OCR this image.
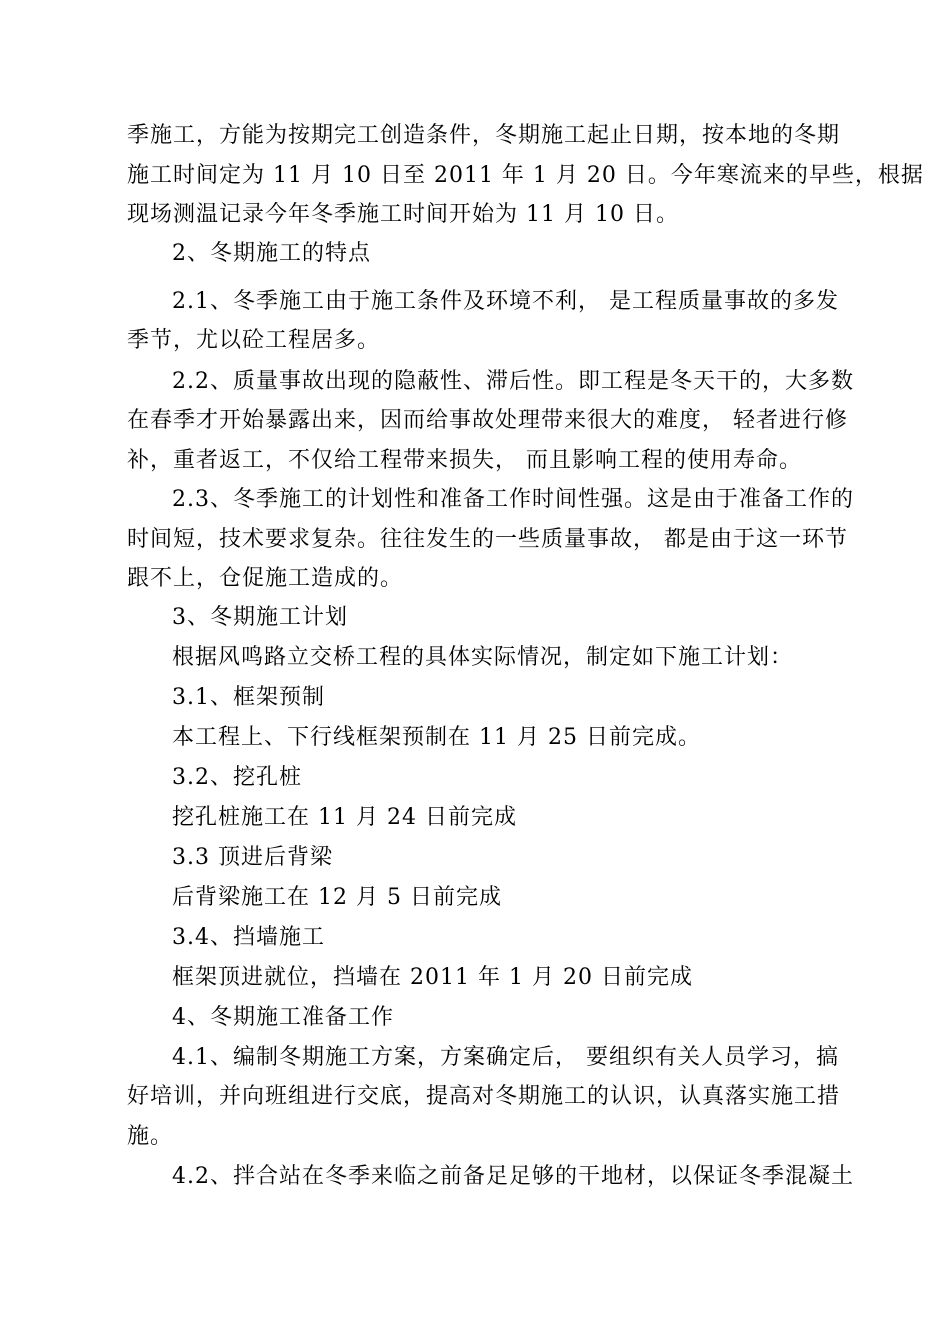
季施工，方能为按期完工创造条件，冬期施工起止日期，按本地的冬期
施工时间定为 11 月 10 日至 2011 年 1 月 20 日。今年寒流来的早些，根据
现场测温记录今年冬季施工时间开始为 11 月 10 日。
2、冬期施工的特点
2.1、冬季施工由于施工条件及环境不利， 是工程质量事故的多发
季节，尤以砼工程居多。
2.2、质量事故出现的隐蔽性、滞后性。即工程是冬天干的，大多数
在春季才开始暴露出来，因而给事故处理带来很大的难度， 轻者进行修
补，重者返工，不仅给工程带来损失， 而且影响工程的使用寿命。
2.3、冬季施工的计划性和准备工作时间性强。这是由于准备工作的
时间短，技术要求复杂。往往发生的一些质量事故， 都是由于这一环节
跟不上，仓促施工造成的。
3、冬期施工计划
根据风鸣路立交桥工程的具体实际情况，制定如下施工计划：
3.1、框架预制
本工程上、下行线框架预制在 11 月 25 日前完成。
3.2、挖孔桩
挖孔桩施工在 11 月 24 日前完成
3.3 顶进后背梁
后背梁施工在 12 月 5 日前完成
3.4、挡墙施工
框架顶进就位，挡墙在 2011 年 1 月 20 日前完成
4、冬期施工准备工作
4.1、编制冬期施工方案，方案确定后， 要组织有关人员学习，搞
好培训，并向班组进行交底，提高对冬期施工的认识，认真落实施工措
施。
4.2、拌合站在冬季来临之前备足足够的干地材，以保证冬季混凝土
